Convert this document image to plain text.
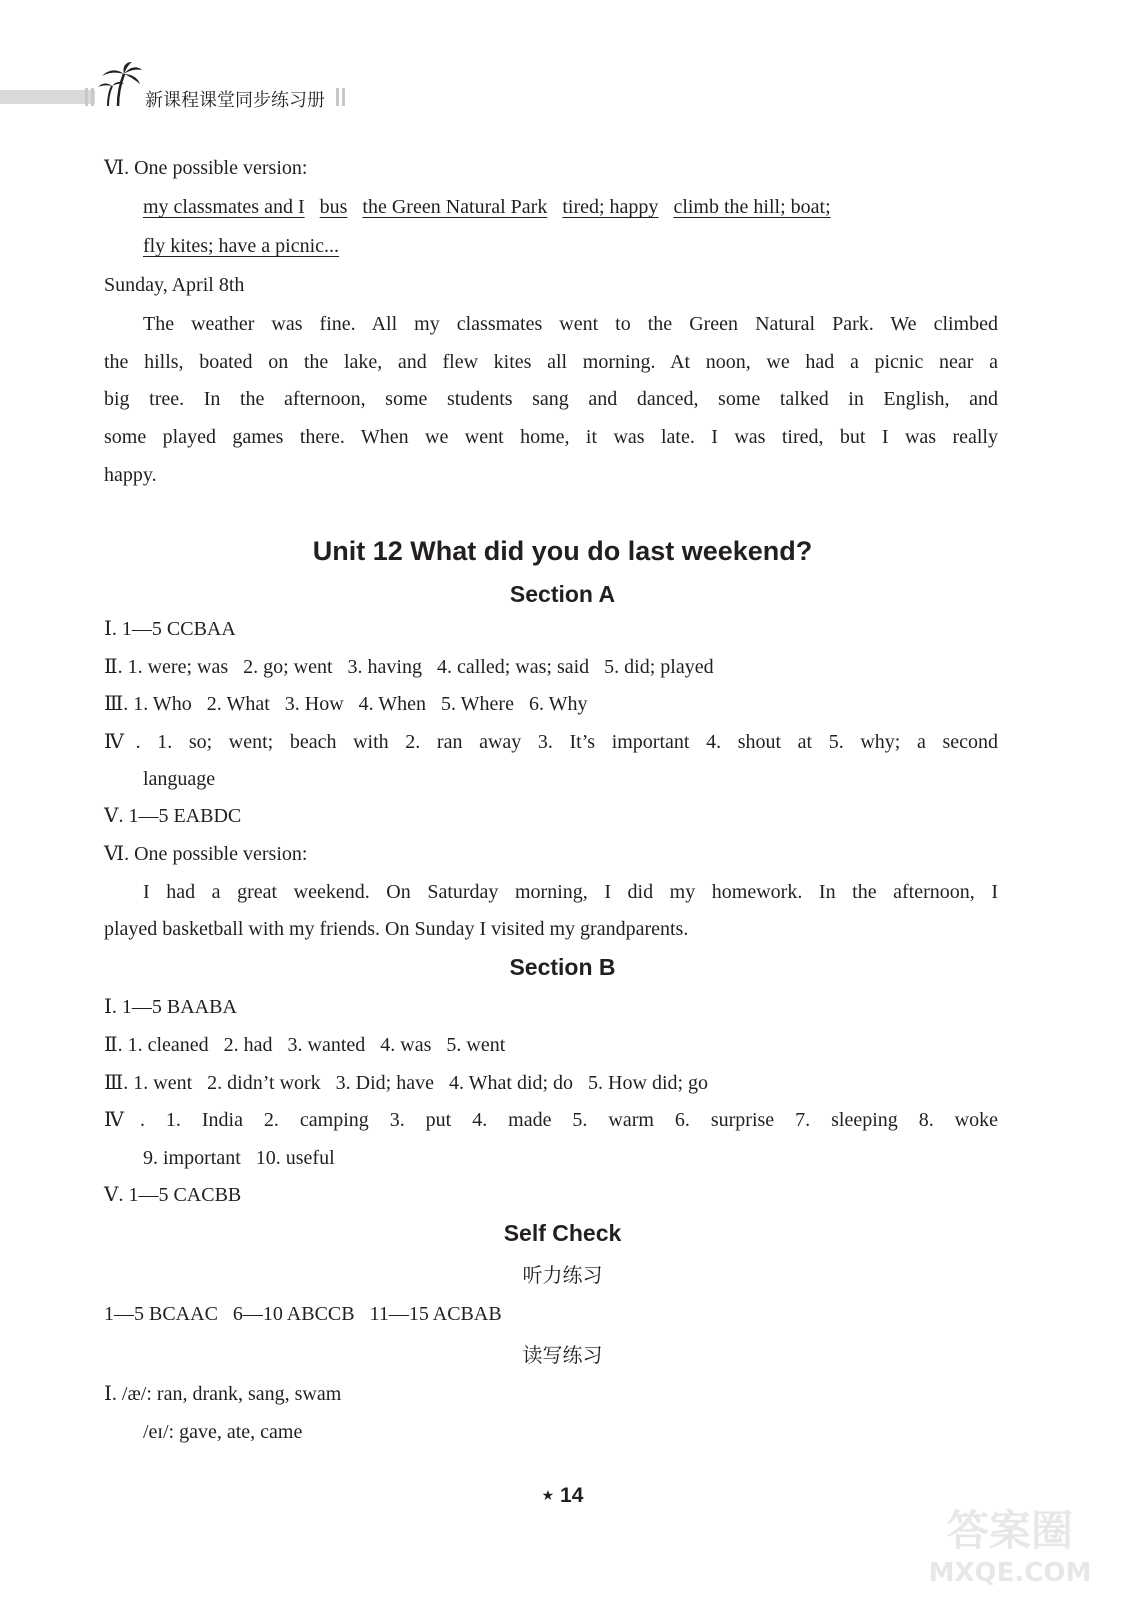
新课程课堂同步练习册
Ⅵ. One possible version:
my classmates and I bus the Green Natural Park tired; happy climb the hill; boat;
fly kites; have a picnic...
Sunday, April 8th
The weather was fine. All my classmates went to the Green Natural Park. We climbed
the hills, boated on the lake, and flew kites all morning. At noon, we had a picnic near a
big tree. In the afternoon, some students sang and danced, some talked in English, and
some played games there. When we went home, it was late. I was tired, but I was really
happy.
Unit 12 What did you do last weekend?
Section A
Ⅰ. 1—5 CCBAA
Ⅱ. 1. were; was   2. go; went   3. having   4. called; was; said   5. did; played
Ⅲ. 1. Who   2. What   3. How   4. When   5. Where   6. Why
Ⅳ. 1. so; went; beach with 2. ran away 3. It’s important 4. shout at 5. why; a second
language
Ⅴ. 1—5 EABDC
Ⅵ. One possible version:
I had a great weekend. On Saturday morning, I did my homework. In the afternoon, I
played basketball with my friends. On Sunday I visited my grandparents.
Section B
Ⅰ. 1—5 BAABA
Ⅱ. 1. cleaned   2. had   3. wanted   4. was   5. went
Ⅲ. 1. went   2. didn’t work   3. Did; have   4. What did; do   5. How did; go
Ⅳ. 1. India 2. camping 3. put 4. made 5. warm 6. surprise 7. sleeping 8. woke
9. important   10. useful
Ⅴ. 1—5 CACBB
Self Check
听力练习
1—5 BCAAC   6—10 ABCCB   11—15 ACBAB
读写练习
Ⅰ. /æ/: ran, drank, sang, swam
/eɪ/: gave, ate, came
★ 14
答案圈
MXQE.COM
